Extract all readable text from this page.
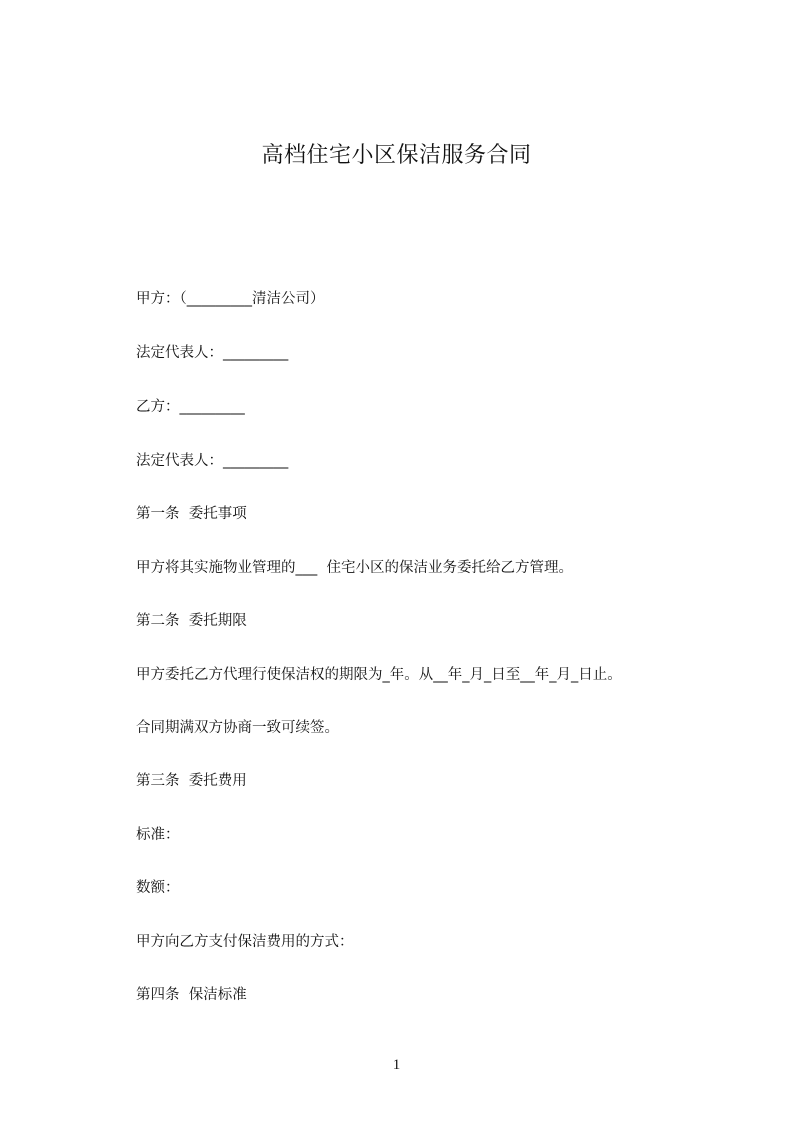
高档住宅小区保洁服务合同
甲方：（_________清洁公司）
法定代表人：_________
乙方：_________
法定代表人：_________
第一条  委托事项
甲方将其实施物业管理的___  住宅小区的保洁业务委托给乙方管理。
第二条  委托期限
甲方委托乙方代理行使保洁权的期限为_年。从__年_月_日至__年_月_日止。
合同期满双方协商一致可续签。
第三条  委托费用
标准：
数额：
甲方向乙方支付保洁费用的方式：
第四条  保洁标准
1
